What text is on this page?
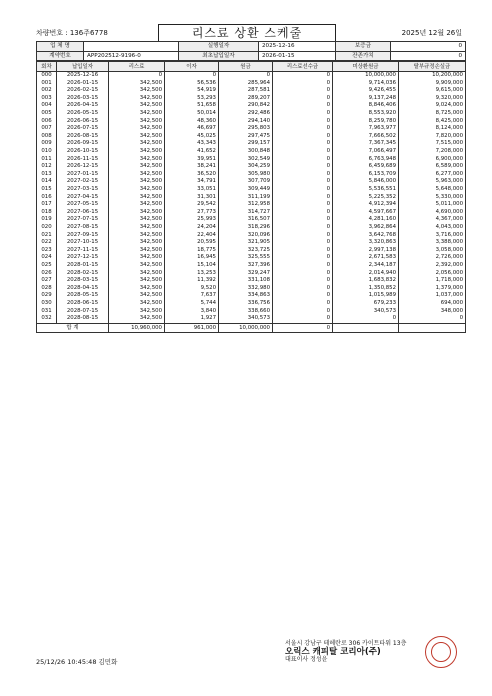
차량번호 : 136주6778	리스료 상환 스케줄	2025년 12월 26일
업 체 명		실행일자	2025-12-16	보증금	0
계약번호	APP202512-9196-0	최초납입일자	2026-01-15	잔존가치	0
회차	납입일자	리스료	이자	원금	리스료선수금	미상환원금	탈부규정손실금
000	2025-12-16	0	0	0	0	10,000,000	10,200,000
001	2026-01-15	342,500	56,536	285,964	0	9,714,036	9,909,000
002	2026-02-15	342,500	54,919	287,581	0	9,426,455	9,615,000
003	2026-03-15	342,500	53,293	289,207	0	9,137,248	9,320,000
004	2026-04-15	342,500	51,658	290,842	0	8,846,406	9,024,000
005	2026-05-15	342,500	50,014	292,486	0	8,553,920	8,725,000
006	2026-06-15	342,500	48,360	294,140	0	8,259,780	8,425,000
007	2026-07-15	342,500	46,697	295,803	0	7,963,977	8,124,000
008	2026-08-15	342,500	45,025	297,475	0	7,666,502	7,820,000
009	2026-09-15	342,500	43,343	299,157	0	7,367,345	7,515,000
010	2026-10-15	342,500	41,652	300,848	0	7,066,497	7,208,000
011	2026-11-15	342,500	39,951	302,549	0	6,763,948	6,900,000
012	2026-12-15	342,500	38,241	304,259	0	6,459,689	6,589,000
013	2027-01-15	342,500	36,520	305,980	0	6,153,709	6,277,000
014	2027-02-15	342,500	34,791	307,709	0	5,846,000	5,963,000
015	2027-03-15	342,500	33,051	309,449	0	5,536,551	5,648,000
016	2027-04-15	342,500	31,301	311,199	0	5,225,352	5,330,000
017	2027-05-15	342,500	29,542	312,958	0	4,912,394	5,011,000
018	2027-06-15	342,500	27,773	314,727	0	4,597,667	4,690,000
019	2027-07-15	342,500	25,993	316,507	0	4,281,160	4,367,000
020	2027-08-15	342,500	24,204	318,296	0	3,962,864	4,043,000
021	2027-09-15	342,500	22,404	320,096	0	3,642,768	3,716,000
022	2027-10-15	342,500	20,595	321,905	0	3,320,863	3,388,000
023	2027-11-15	342,500	18,775	323,725	0	2,997,138	3,058,000
024	2027-12-15	342,500	16,945	325,555	0	2,671,583	2,726,000
025	2028-01-15	342,500	15,104	327,396	0	2,344,187	2,392,000
026	2028-02-15	342,500	13,253	329,247	0	2,014,940	2,056,000
027	2028-03-15	342,500	11,392	331,108	0	1,683,832	1,718,000
028	2028-04-15	342,500	9,520	332,980	0	1,350,852	1,379,000
029	2028-05-15	342,500	7,637	334,863	0	1,015,989	1,037,000
030	2028-06-15	342,500	5,744	336,756	0	679,233	694,000
031	2028-07-15	342,500	3,840	338,660	0	340,573	348,000
032	2028-08-15	342,500	1,927	340,573	0	0	0
합 계		10,960,000	961,000	10,000,000	0		
25/12/26 10:45:48 김민화
서울시 강남구 테헤란로 306 카이트타워 13층
오릭스 캐피탈 코리아(주)
대표이사 정성윤
